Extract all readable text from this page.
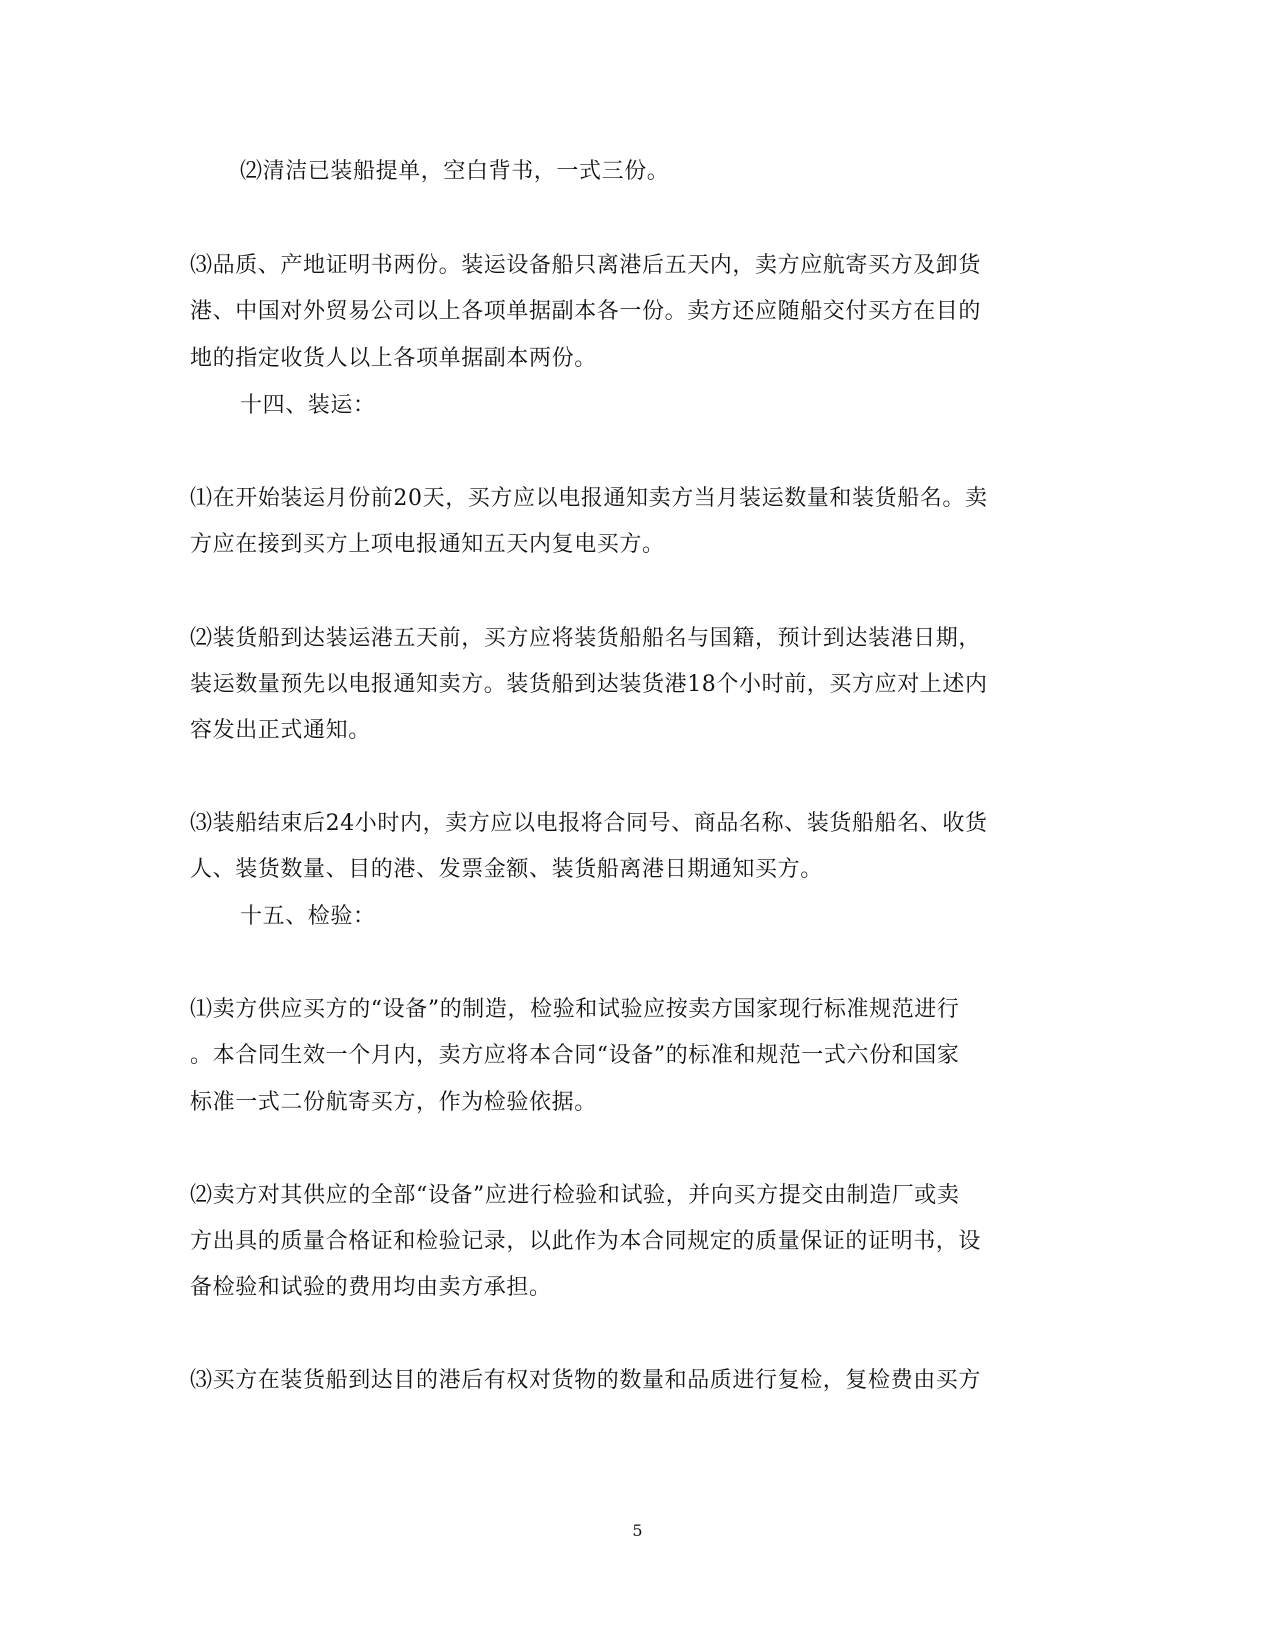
⑵清洁已装船提单，空白背书，一式三份。
⑶品质、产地证明书两份。装运设备船只离港后五天内，卖方应航寄买方及卸货
港、中国对外贸易公司以上各项单据副本各一份。卖方还应随船交付买方在目的
地的指定收货人以上各项单据副本两份。
十四、装运：
⑴在开始装运月份前20天，买方应以电报通知卖方当月装运数量和装货船名。卖
方应在接到买方上项电报通知五天内复电买方。
⑵装货船到达装运港五天前，买方应将装货船船名与国籍，预计到达装港日期，
装运数量预先以电报通知卖方。装货船到达装货港18个小时前，买方应对上述内
容发出正式通知。
⑶装船结束后24小时内，卖方应以电报将合同号、商品名称、装货船船名、收货
人、装货数量、目的港、发票金额、装货船离港日期通知买方。
十五、检验：
⑴卖方供应买方的“设备”的制造，检验和试验应按卖方国家现行标准规范进行
。本合同生效一个月内，卖方应将本合同“设备”的标准和规范一式六份和国家
标准一式二份航寄买方，作为检验依据。
⑵卖方对其供应的全部“设备”应进行检验和试验，并向买方提交由制造厂或卖
方出具的质量合格证和检验记录，以此作为本合同规定的质量保证的证明书，设
备检验和试验的费用均由卖方承担。
⑶买方在装货船到达目的港后有权对货物的数量和品质进行复检，复检费由买方
5
